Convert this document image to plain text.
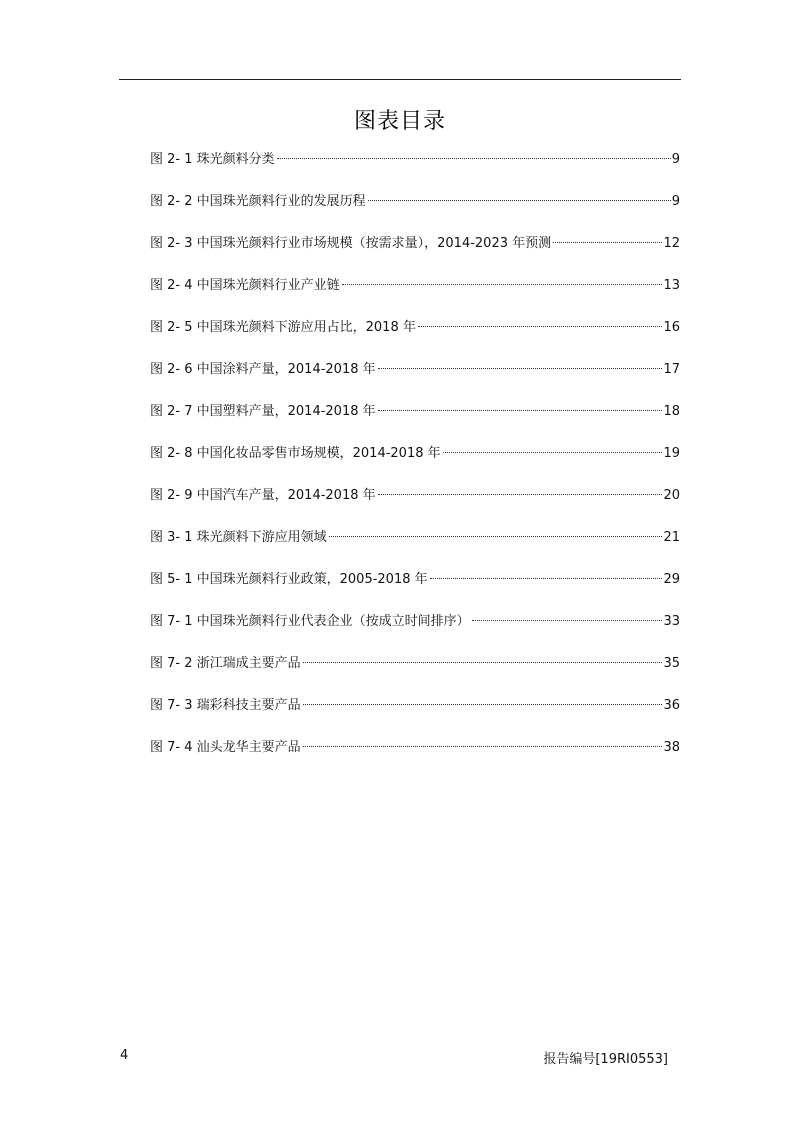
图表目录
图 2- 1 珠光颜料分类	9
图 2- 2 中国珠光颜料行业的发展历程	9
图 2- 3 中国珠光颜料行业市场规模（按需求量），2014-2023 年预测	12
图 2- 4 中国珠光颜料行业产业链	13
图 2- 5 中国珠光颜料下游应用占比，2018 年	16
图 2- 6 中国涂料产量，2014-2018 年	17
图 2- 7 中国塑料产量，2014-2018 年	18
图 2- 8 中国化妆品零售市场规模，2014-2018 年	19
图 2- 9 中国汽车产量，2014-2018 年	20
图 3- 1 珠光颜料下游应用领域	21
图 5- 1 中国珠光颜料行业政策，2005-2018 年	29
图 7- 1 中国珠光颜料行业代表企业（按成立时间排序）	33
图 7- 2 浙江瑞成主要产品	35
图 7- 3 瑞彩科技主要产品	36
图 7- 4 汕头龙华主要产品	38
4	报告编号[19RI0553]
